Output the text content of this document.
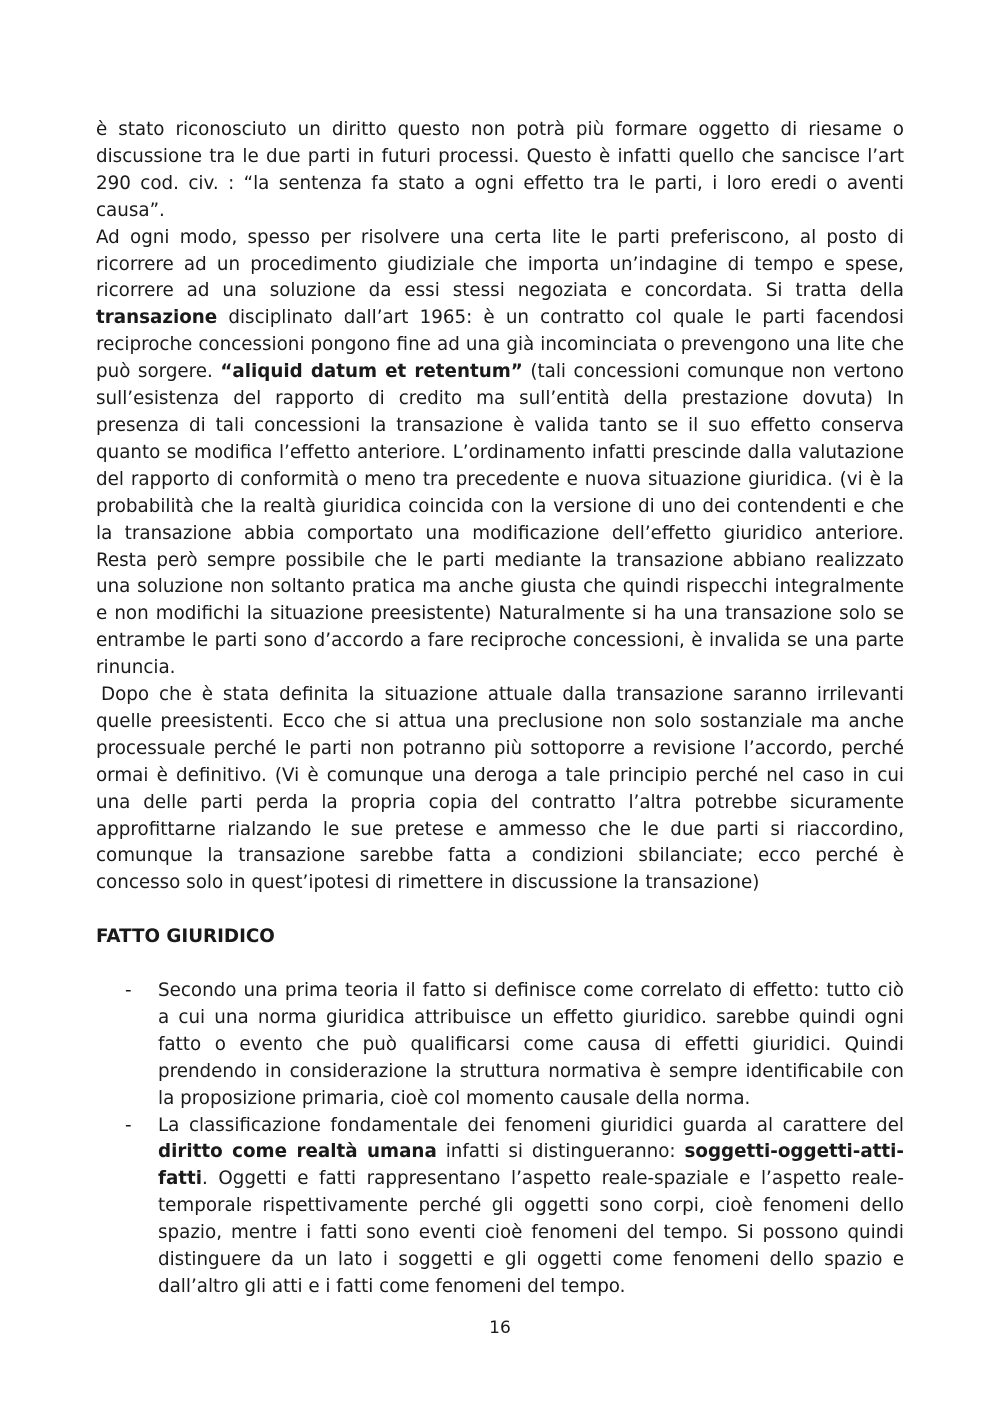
è stato riconosciuto un diritto questo non potrà più formare oggetto di riesame o discussione tra le due parti in futuri processi. Questo è infatti quello che sancisce l’art 290 cod. civ. : “la sentenza fa stato a ogni effetto tra le parti, i loro eredi o aventi causa”.

Ad ogni modo, spesso per risolvere una certa lite le parti preferiscono, al posto di ricorrere ad un procedimento giudiziale che importa un’indagine di tempo e spese, ricorrere ad una soluzione da essi stessi negoziata e concordata. Si tratta della transazione disciplinato dall’art 1965: è un contratto col quale le parti facendosi reciproche concessioni pongono fine ad una già incominciata o prevengono una lite che può sorgere. “aliquid datum et retentum” (tali concessioni comunque non vertono sull’esistenza del rapporto di credito ma sull’entità della prestazione dovuta) In presenza di tali concessioni la transazione è valida tanto se il suo effetto conserva quanto se modifica l’effetto anteriore. L’ordinamento infatti prescinde dalla valutazione del rapporto di conformità o meno tra precedente e nuova situazione giuridica. (vi è la probabilità che la realtà giuridica coincida con la versione di uno dei contendenti e che la transazione abbia comportato una modificazione dell’effetto giuridico anteriore. Resta però sempre possibile che le parti mediante la transazione abbiano realizzato una soluzione non soltanto pratica ma anche giusta che quindi rispecchi integralmente e non modifichi la situazione preesistente) Naturalmente si ha una transazione solo se entrambe le parti sono d’accordo a fare reciproche concessioni, è invalida se una parte rinuncia.

Dopo che è stata definita la situazione attuale dalla transazione saranno irrilevanti quelle preesistenti. Ecco che si attua una preclusione non solo sostanziale ma anche processuale perché le parti non potranno più sottoporre a revisione l’accordo, perché ormai è definitivo. (Vi è comunque una deroga a tale principio perché nel caso in cui una delle parti perda la propria copia del contratto l’altra potrebbe sicuramente approfittarne rialzando le sue pretese e ammesso che le due parti si riaccordino, comunque la transazione sarebbe fatta a condizioni sbilanciate; ecco perché è concesso solo in quest’ipotesi di rimettere in discussione la transazione)

FATTO GIURIDICO
- Secondo una prima teoria il fatto si definisce come correlato di effetto: tutto ciò a cui una norma giuridica attribuisce un effetto giuridico. sarebbe quindi ogni fatto o evento che può qualificarsi come causa di effetti giuridici. Quindi prendendo in considerazione la struttura normativa è sempre identificabile con la proposizione primaria, cioè col momento causale della norma.
- La classificazione fondamentale dei fenomeni giuridici guarda al carattere del diritto come realtà umana infatti si distingueranno: soggetti-oggetti-atti-fatti. Oggetti e fatti rappresentano l’aspetto reale-spaziale e l’aspetto reale-temporale rispettivamente perché gli oggetti sono corpi, cioè fenomeni dello spazio, mentre i fatti sono eventi cioè fenomeni del tempo. Si possono quindi distinguere da un lato i soggetti e gli oggetti come fenomeni dello spazio e dall’altro gli atti e i fatti come fenomeni del tempo.
16
